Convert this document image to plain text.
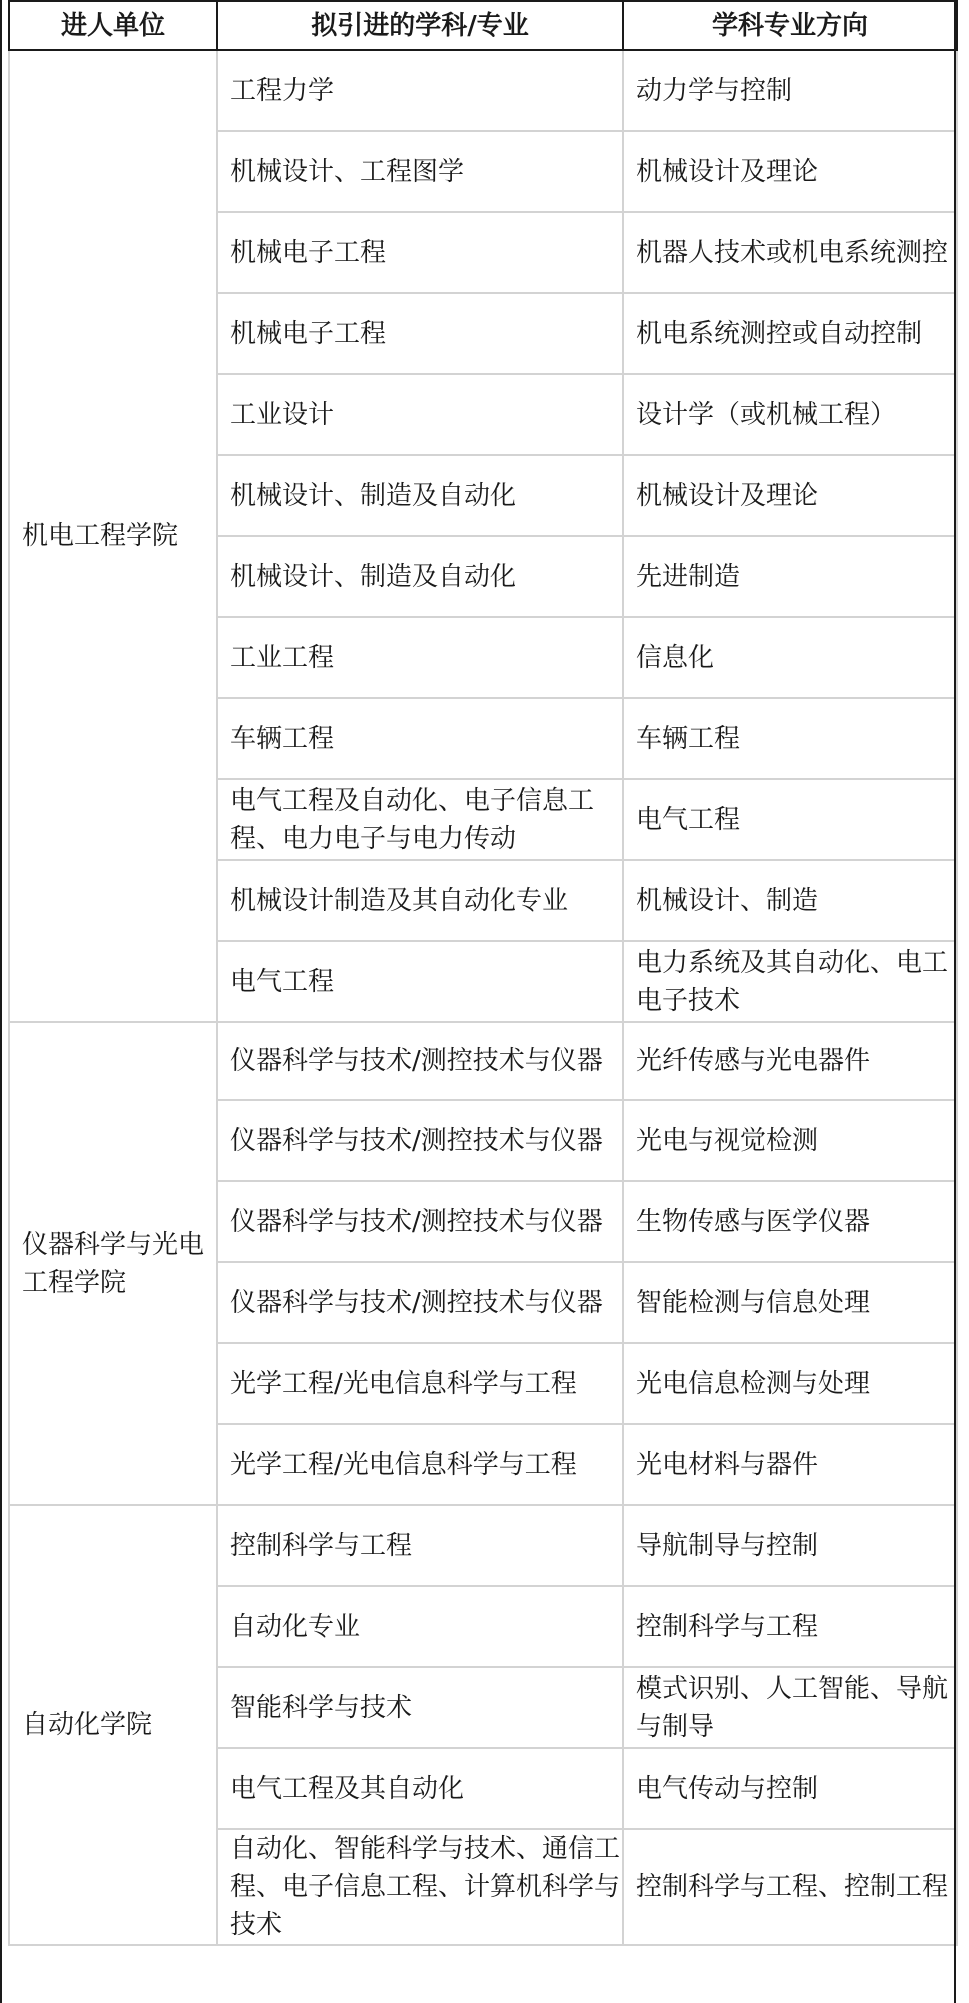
进人单位	拟引进的学科/专业	学科专业方向
机电工程学院	工程力学	动力学与控制
	机械设计、工程图学	机械设计及理论
	机械电子工程	机器人技术或机电系统测控
	机械电子工程	机电系统测控或自动控制
	工业设计	设计学（或机械工程）
	机械设计、制造及自动化	机械设计及理论
	机械设计、制造及自动化	先进制造
	工业工程	信息化
	车辆工程	车辆工程
	电气工程及自动化、电子信息工程、电力电子与电力传动	电气工程
	机械设计制造及其自动化专业	机械设计、制造
	电气工程	电力系统及其自动化、电工电子技术
仪器科学与光电工程学院	仪器科学与技术/测控技术与仪器	光纤传感与光电器件
	仪器科学与技术/测控技术与仪器	光电与视觉检测
	仪器科学与技术/测控技术与仪器	生物传感与医学仪器
	仪器科学与技术/测控技术与仪器	智能检测与信息处理
	光学工程/光电信息科学与工程	光电信息检测与处理
	光学工程/光电信息科学与工程	光电材料与器件
自动化学院	控制科学与工程	导航制导与控制
	自动化专业	控制科学与工程
	智能科学与技术	模式识别、人工智能、导航与制导
	电气工程及其自动化	电气传动与控制
	自动化、智能科学与技术、通信工程、电子信息工程、计算机科学与技术	控制科学与工程、控制工程
